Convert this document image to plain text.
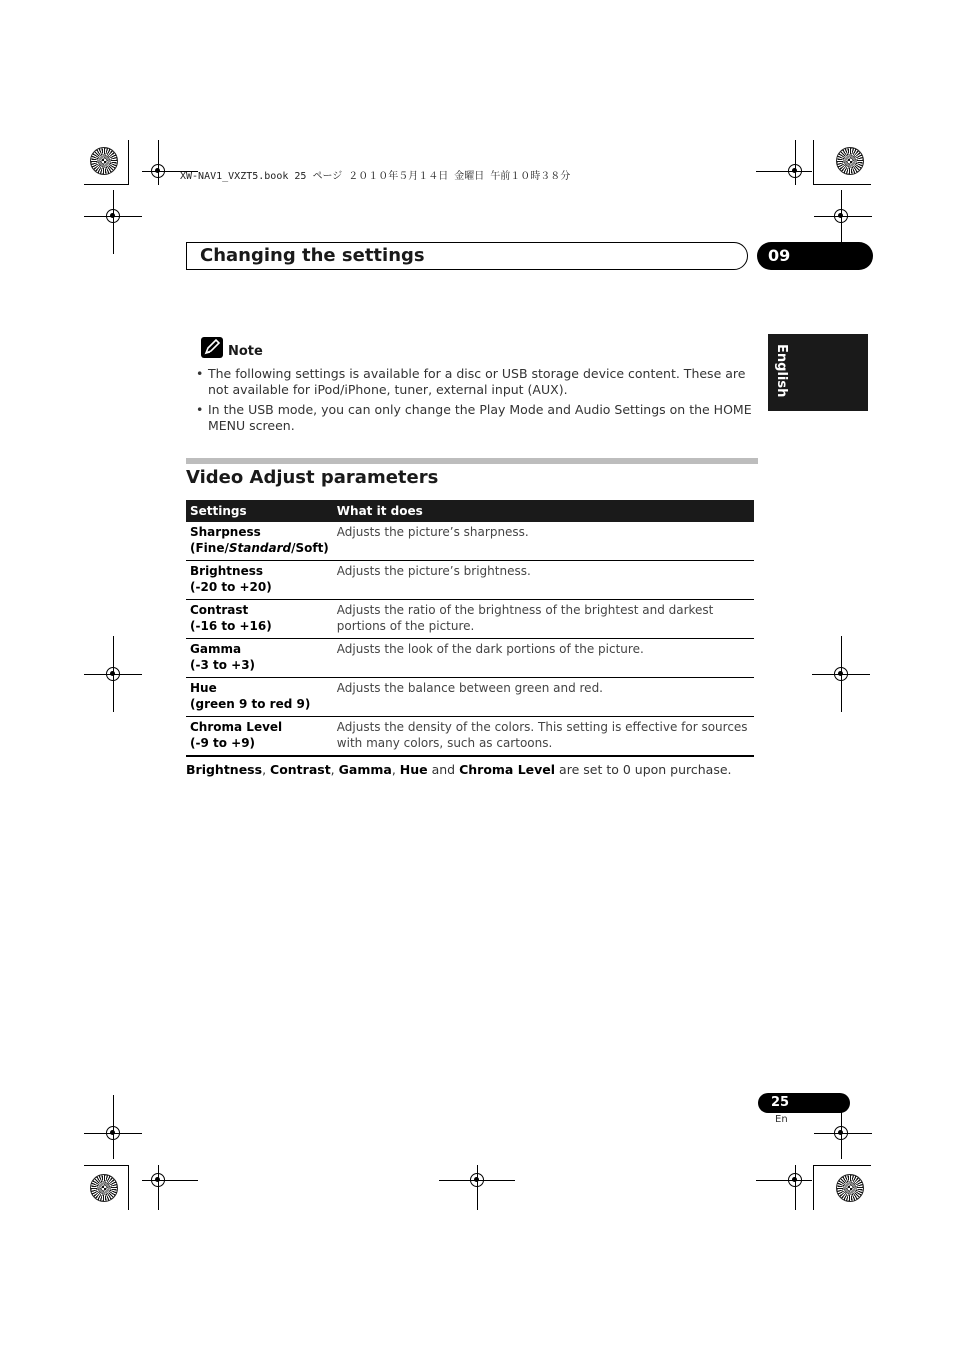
XW-NAV1_VXZT5.book 25 ページ ２０１０年５月１４日 金曜日 午前１０時３８分
Changing the settings	09
English
Note
• The following settings is available for a disc or USB storage device content. These are not available for iPod/iPhone, tuner, external input (AUX).
• In the USB mode, you can only change the Play Mode and Audio Settings on the HOME MENU screen.
Video Adjust parameters
Settings	What it does
Sharpness
(Fine/Standard/Soft)	Adjusts the picture’s sharpness.
Brightness
(-20 to +20)	Adjusts the picture’s brightness.
Contrast
(-16 to +16)	Adjusts the ratio of the brightness of the brightest and darkest portions of the picture.
Gamma
(-3 to +3)	Adjusts the look of the dark portions of the picture.
Hue
(green 9 to red 9)	Adjusts the balance between green and red.
Chroma Level
(-9 to +9)	Adjusts the density of the colors. This setting is effective for sources with many colors, such as cartoons.
Brightness, Contrast, Gamma, Hue and Chroma Level are set to 0 upon purchase.
25
En
